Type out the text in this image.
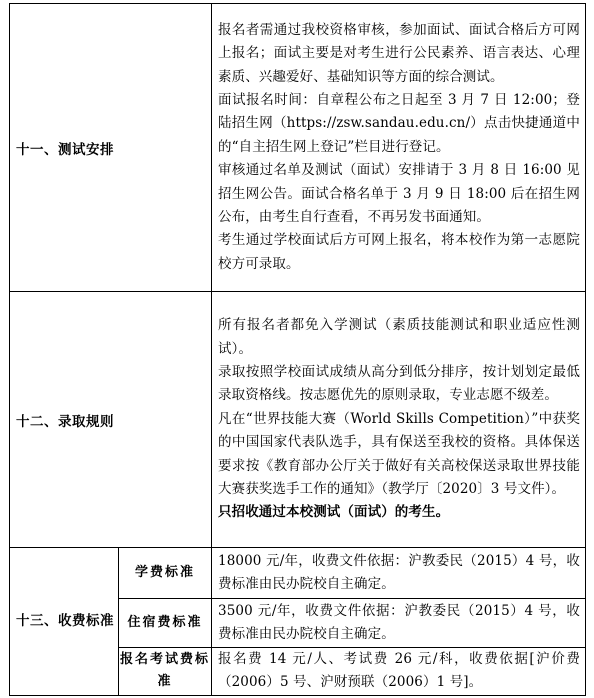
十一、测试安排		报名者需通过我校资格审核，参加面试、面试合格后方可网上报名；面试主要是对考生进行公民素养、语言表达、心理素质、兴趣爱好、基础知识等方面的综合测试。

面试报名时间：自章程公布之日起至 3 月 7 日 12:00；登陆招生网（https://zsw.sandau.edu.cn/）点击快捷通道中的“自主招生网上登记”栏目进行登记。

审核通过名单及测试（面试）安排请于 3 月 8 日 16:00 见招生网公告。面试合格名单于 3 月 9 日 18:00 后在招生网公布，由考生自行查看，不再另发书面通知。

考生通过学校面试后方可网上报名，将本校作为第一志愿院校方可录取。

十二、录取规则		所有报名者都免入学测试（素质技能测试和职业适应性测试）。

录取按照学校面试成绩从高分到低分排序，按计划划定最低录取资格线。按志愿优先的原则录取，专业志愿不级差。

凡在“世界技能大赛（World Skills Competition）”中获奖的中国国家代表队选手，具有保送至我校的资格。具体保送要求按《教育部办公厅关于做好有关高校保送录取世界技能大赛获奖选手工作的通知》（教学厅〔2020〕3 号文件）。

只招收通过本校测试（面试）的考生。

十三、收费标准	学费标准	18000 元/年，收费文件依据：沪教委民（2015）4 号，收费标准由民办院校自主确定。
	住宿费标准	3500 元/年，收费文件依据：沪教委民（2015）4 号，收费标准由民办院校自主确定。
	报名考试费标准	报名费 14 元/人、考试费 26 元/科，收费依据[沪价费（2006）5 号、沪财预联（2006）1 号]。
